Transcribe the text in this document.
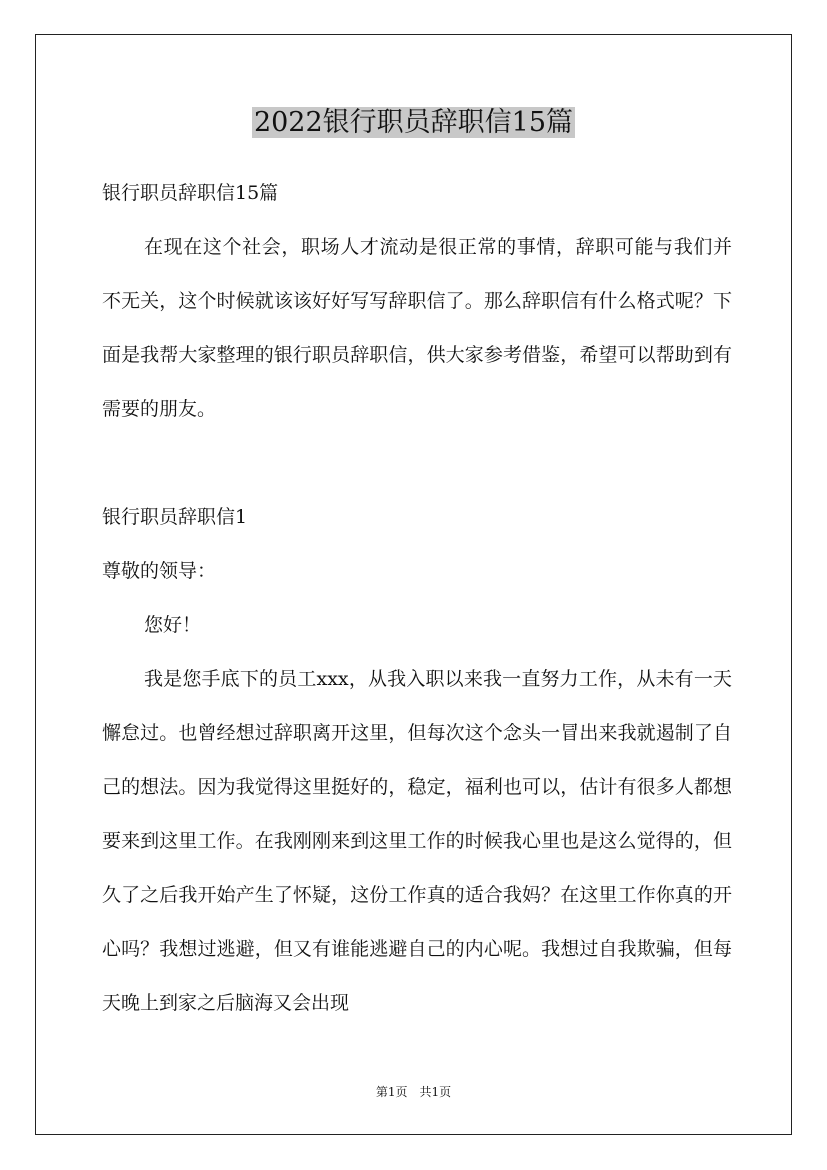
2022银行职员辞职信15篇

银行职员辞职信15篇

在现在这个社会，职场人才流动是很正常的事情，辞职可能与我们并不无关，这个时候就该该好好写写辞职信了。那么辞职信有什么格式呢？下面是我帮大家整理的银行职员辞职信，供大家参考借鉴，希望可以帮助到有需要的朋友。

银行职员辞职信1

尊敬的领导：

您好！

我是您手底下的员工xxx，从我入职以来我一直努力工作，从未有一天懈怠过。也曾经想过辞职离开这里，但每次这个念头一冒出来我就遏制了自己的想法。因为我觉得这里挺好的，稳定，福利也可以，估计有很多人都想要来到这里工作。在我刚刚来到这里工作的时候我心里也是这么觉得的，但久了之后我开始产生了怀疑，这份工作真的适合我妈？在这里工作你真的开心吗？我想过逃避，但又有谁能逃避自己的内心呢。我想过自我欺骗，但每天晚上到家之后脑海又会出现

第1页　共1页
